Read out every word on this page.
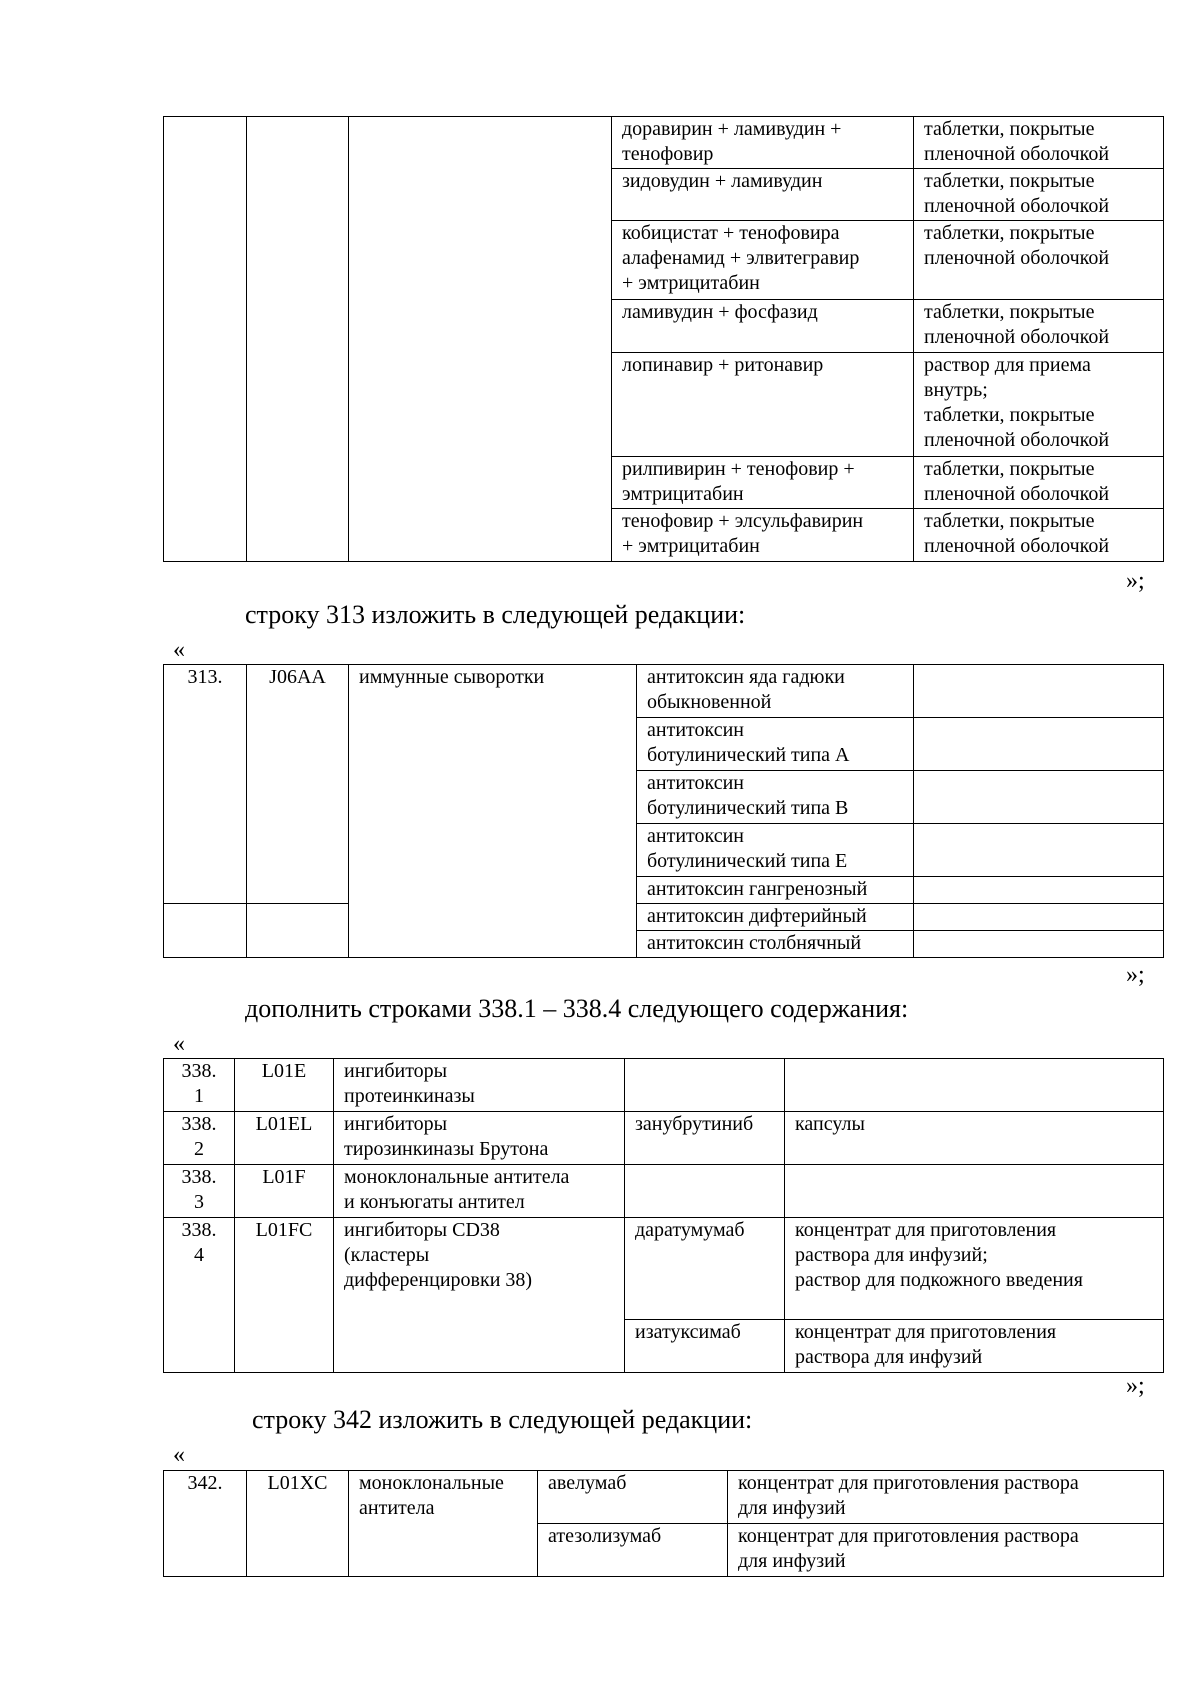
			доравирин + ламивудин +
тенофовир	таблетки, покрытые
пленочной оболочкой
			зидовудин + ламивудин	таблетки, покрытые
пленочной оболочкой
			кобицистат + тенофовира
алафенамид + элвитегравир
+ эмтрицитабин	таблетки, покрытые
пленочной оболочкой
			ламивудин + фосфазид	таблетки, покрытые
пленочной оболочкой
			лопинавир + ритонавир	раствор для приема
внутрь;
таблетки, покрытые
пленочной оболочкой
			рилпивирин + тенофовир +
эмтрицитабин	таблетки, покрытые
пленочной оболочкой
			тенофовир + элсульфавирин
+ эмтрицитабин	таблетки, покрытые
пленочной оболочкой
»;
строку 313 изложить в следующей редакции:
«
313.	J06AA	иммунные сыворотки	антитоксин яда гадюки
обыкновенной	
			антитоксин
ботулинический типа А	
			антитоксин
ботулинический типа В	
			антитоксин
ботулинический типа Е	
			антитоксин гангренозный	
			антитоксин дифтерийный	
			антитоксин столбнячный	
»;
дополнить строками 338.1 – 338.4 следующего содержания:
«
338.
1	L01E	ингибиторы
протеинкиназы		
338.
2	L01EL	ингибиторы
тирозинкиназы Брутона	занубрутиниб	капсулы
338.
3	L01F	моноклональные антитела
и конъюгаты антител		
338.
4	L01FC	ингибиторы CD38
(кластеры
дифференцировки 38)	даратумумаб	концентрат для приготовления
раствора для инфузий;
раствор для подкожного введения
			изатуксимаб	концентрат для приготовления
раствора для инфузий
»;
строку 342 изложить в следующей редакции:
«
342.	L01XC	моноклональные
антитела	авелумаб	концентрат для приготовления раствора
для инфузий
			атезолизумаб	концентрат для приготовления раствора
для инфузий
